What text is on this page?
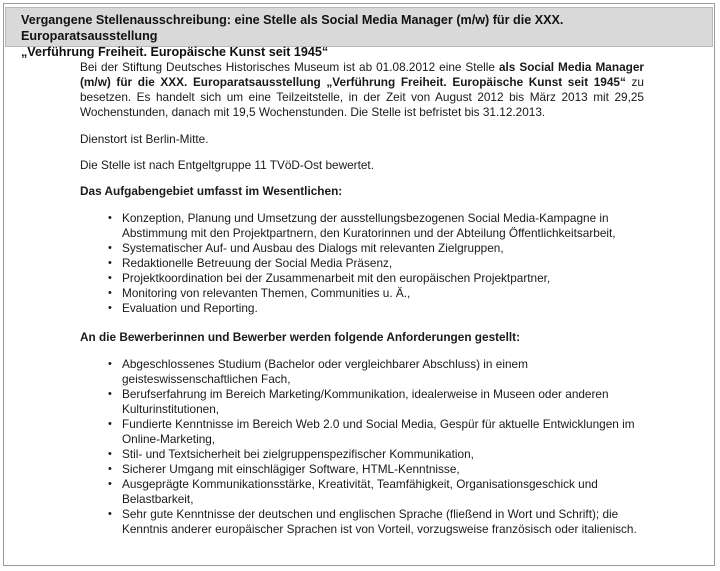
Vergangene Stellenausschreibung: eine Stelle als Social Media Manager (m/w) für die XXX. Europaratsausstellung
„Verführung Freiheit. Europäische Kunst seit 1945“

Bei der Stiftung Deutsches Historisches Museum ist ab 01.08.2012 eine Stelle als Social Media Manager (m/w) für die XXX. Europaratsausstellung „Verführung Freiheit. Europäische Kunst seit 1945“ zu besetzen. Es handelt sich um eine Teilzeitstelle, in der Zeit von August 2012 bis März 2013 mit 29,25 Wochenstunden, danach mit 19,5 Wochenstunden. Die Stelle ist befristet bis 31.12.2013.

Dienstort ist Berlin-Mitte.

Die Stelle ist nach Entgeltgruppe 11 TVöD-Ost bewertet.

Das Aufgabengebiet umfasst im Wesentlichen:

• Konzeption, Planung und Umsetzung der ausstellungsbezogenen Social Media-Kampagne in Abstimmung mit den Projektpartnern, den Kuratorinnen und der Abteilung Öffentlichkeitsarbeit,
• Systematischer Auf- und Ausbau des Dialogs mit relevanten Zielgruppen,
• Redaktionelle Betreuung der Social Media Präsenz,
• Projektkoordination bei der Zusammenarbeit mit den europäischen Projektpartner,
• Monitoring von relevanten Themen, Communities u. Ä.,
• Evaluation und Reporting.

An die Bewerberinnen und Bewerber werden folgende Anforderungen gestellt:

• Abgeschlossenes Studium (Bachelor oder vergleichbarer Abschluss) in einem geisteswissenschaftlichen Fach,
• Berufserfahrung im Bereich Marketing/Kommunikation, idealerweise in Museen oder anderen Kulturinstitutionen,
• Fundierte Kenntnisse im Bereich Web 2.0 und Social Media, Gespür für aktuelle Entwicklungen im Online-Marketing,
• Stil- und Textsicherheit bei zielgruppenspezifischer Kommunikation,
• Sicherer Umgang mit einschlägiger Software, HTML-Kenntnisse,
• Ausgeprägte Kommunikationsstärke, Kreativität, Teamfähigkeit, Organisationsgeschick und Belastbarkeit,
• Sehr gute Kenntnisse der deutschen und englischen Sprache (fließend in Wort und Schrift); die Kenntnis anderer europäischer Sprachen ist von Vorteil, vorzugsweise französisch oder italienisch.
